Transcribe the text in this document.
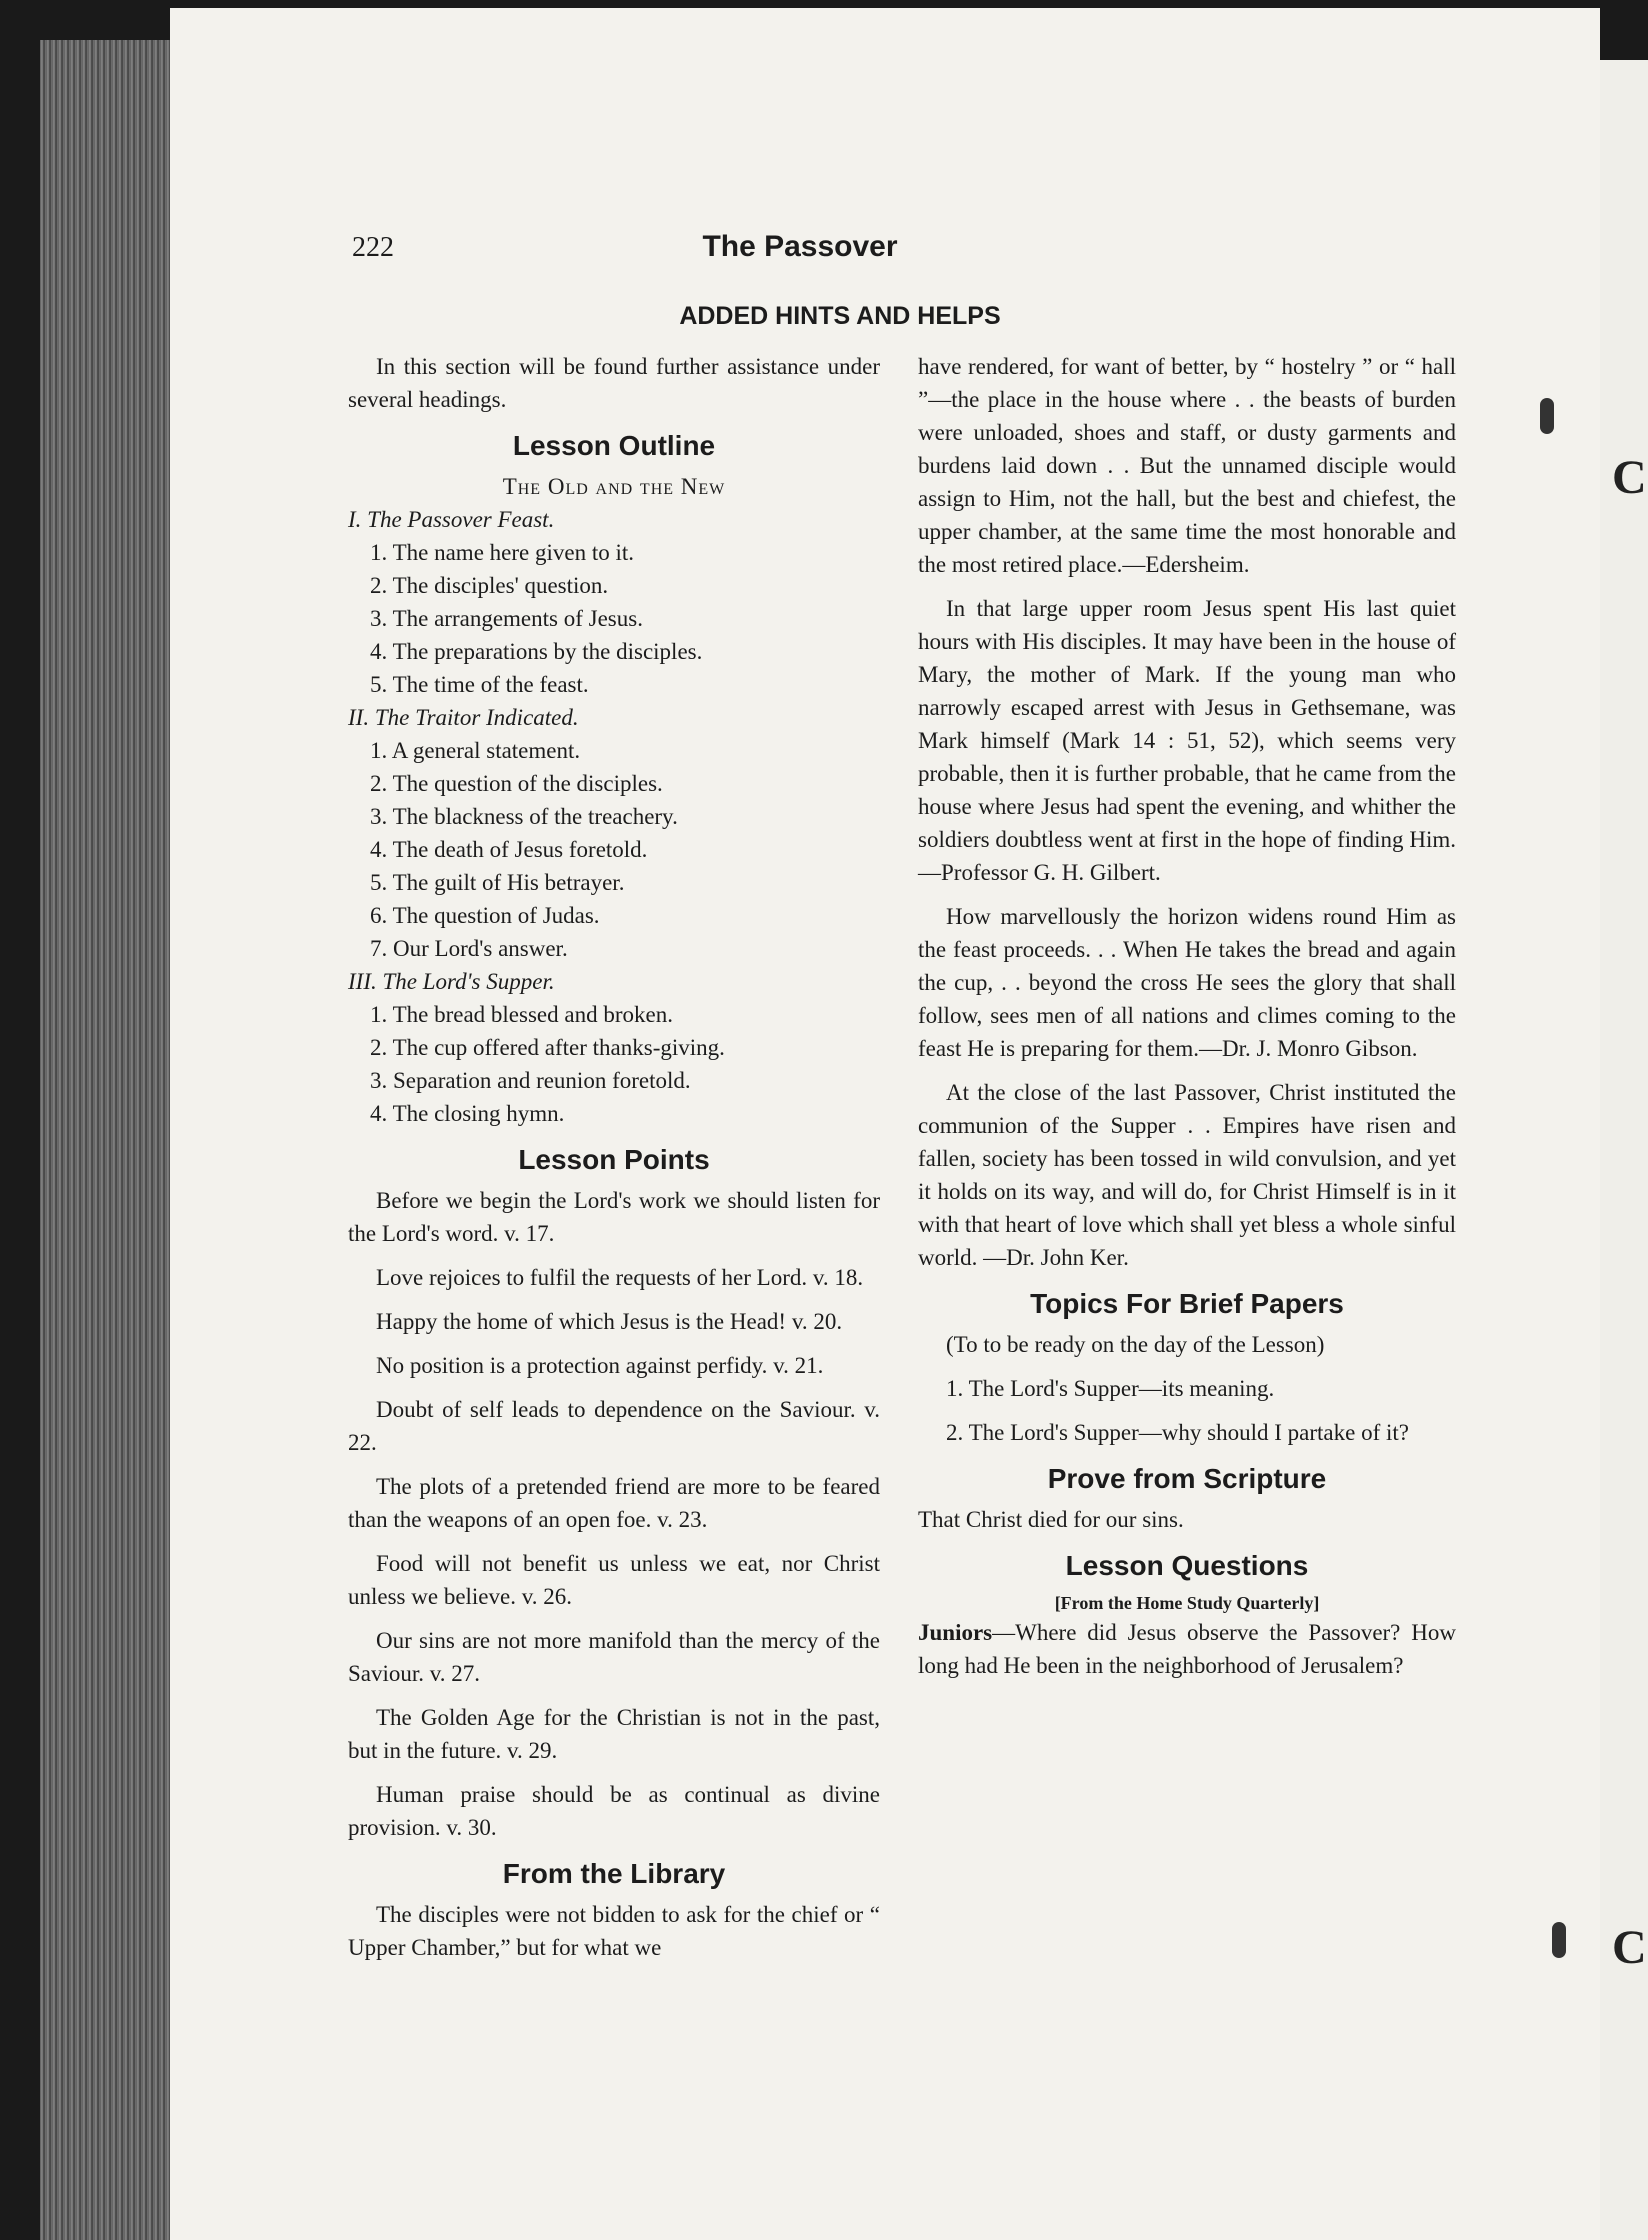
C
C
222	The Passover
ADDED HINTS AND HELPS

In this section will be found further assistance under several headings.

Lesson Outline
The Old and the New
I. The Passover Feast.
1. The name here given to it.
2. The disciples' question.
3. The arrangements of Jesus.
4. The preparations by the disciples.
5. The time of the feast.
II. The Traitor Indicated.
1. A general statement.
2. The question of the disciples.
3. The blackness of the treachery.
4. The death of Jesus foretold.
5. The guilt of His betrayer.
6. The question of Judas.
7. Our Lord's answer.
III. The Lord's Supper.
1. The bread blessed and broken.
2. The cup offered after thanks-giving.
3. Separation and reunion foretold.
4. The closing hymn.
Lesson Points

Before we begin the Lord's work we should listen for the Lord's word. v. 17.

Love rejoices to fulfil the requests of her Lord. v. 18.

Happy the home of which Jesus is the Head! v. 20.

No position is a protection against perfidy. v. 21.

Doubt of self leads to dependence on the Saviour. v. 22.

The plots of a pretended friend are more to be feared than the weapons of an open foe. v. 23.

Food will not benefit us unless we eat, nor Christ unless we believe. v. 26.

Our sins are not more manifold than the mercy of the Saviour. v. 27.

The Golden Age for the Christian is not in the past, but in the future. v. 29.

Human praise should be as continual as divine provision. v. 30.

From the Library

The disciples were not bidden to ask for the chief or “ Upper Chamber,” but for what we

have rendered, for want of better, by “ hostelry ” or “ hall ”—the place in the house where . . the beasts of burden were unloaded, shoes and staff, or dusty garments and burdens laid down . . But the unnamed disciple would assign to Him, not the hall, but the best and chiefest, the upper chamber, at the same time the most honorable and the most retired place.—Edersheim.

In that large upper room Jesus spent His last quiet hours with His disciples. It may have been in the house of Mary, the mother of Mark. If the young man who narrowly escaped arrest with Jesus in Gethsemane, was Mark himself (Mark 14 : 51, 52), which seems very probable, then it is further probable, that he came from the house where Jesus had spent the evening, and whither the soldiers doubtless went at first in the hope of finding Him.—Professor G. H. Gilbert.

How marvellously the horizon widens round Him as the feast proceeds. . . When He takes the bread and again the cup, . . beyond the cross He sees the glory that shall follow, sees men of all nations and climes coming to the feast He is preparing for them.—Dr. J. Monro Gibson.

At the close of the last Passover, Christ instituted the communion of the Supper . . Empires have risen and fallen, society has been tossed in wild convulsion, and yet it holds on its way, and will do, for Christ Himself is in it with that heart of love which shall yet bless a whole sinful world. —Dr. John Ker.

Topics For Brief Papers

(To to be ready on the day of the Lesson)

1. The Lord's Supper—its meaning.

2. The Lord's Supper—why should I partake of it?

Prove from Scripture

That Christ died for our sins.

Lesson Questions
[From the Home Study Quarterly]

Juniors—Where did Jesus observe the Passover? How long had He been in the neighborhood of Jerusalem?
